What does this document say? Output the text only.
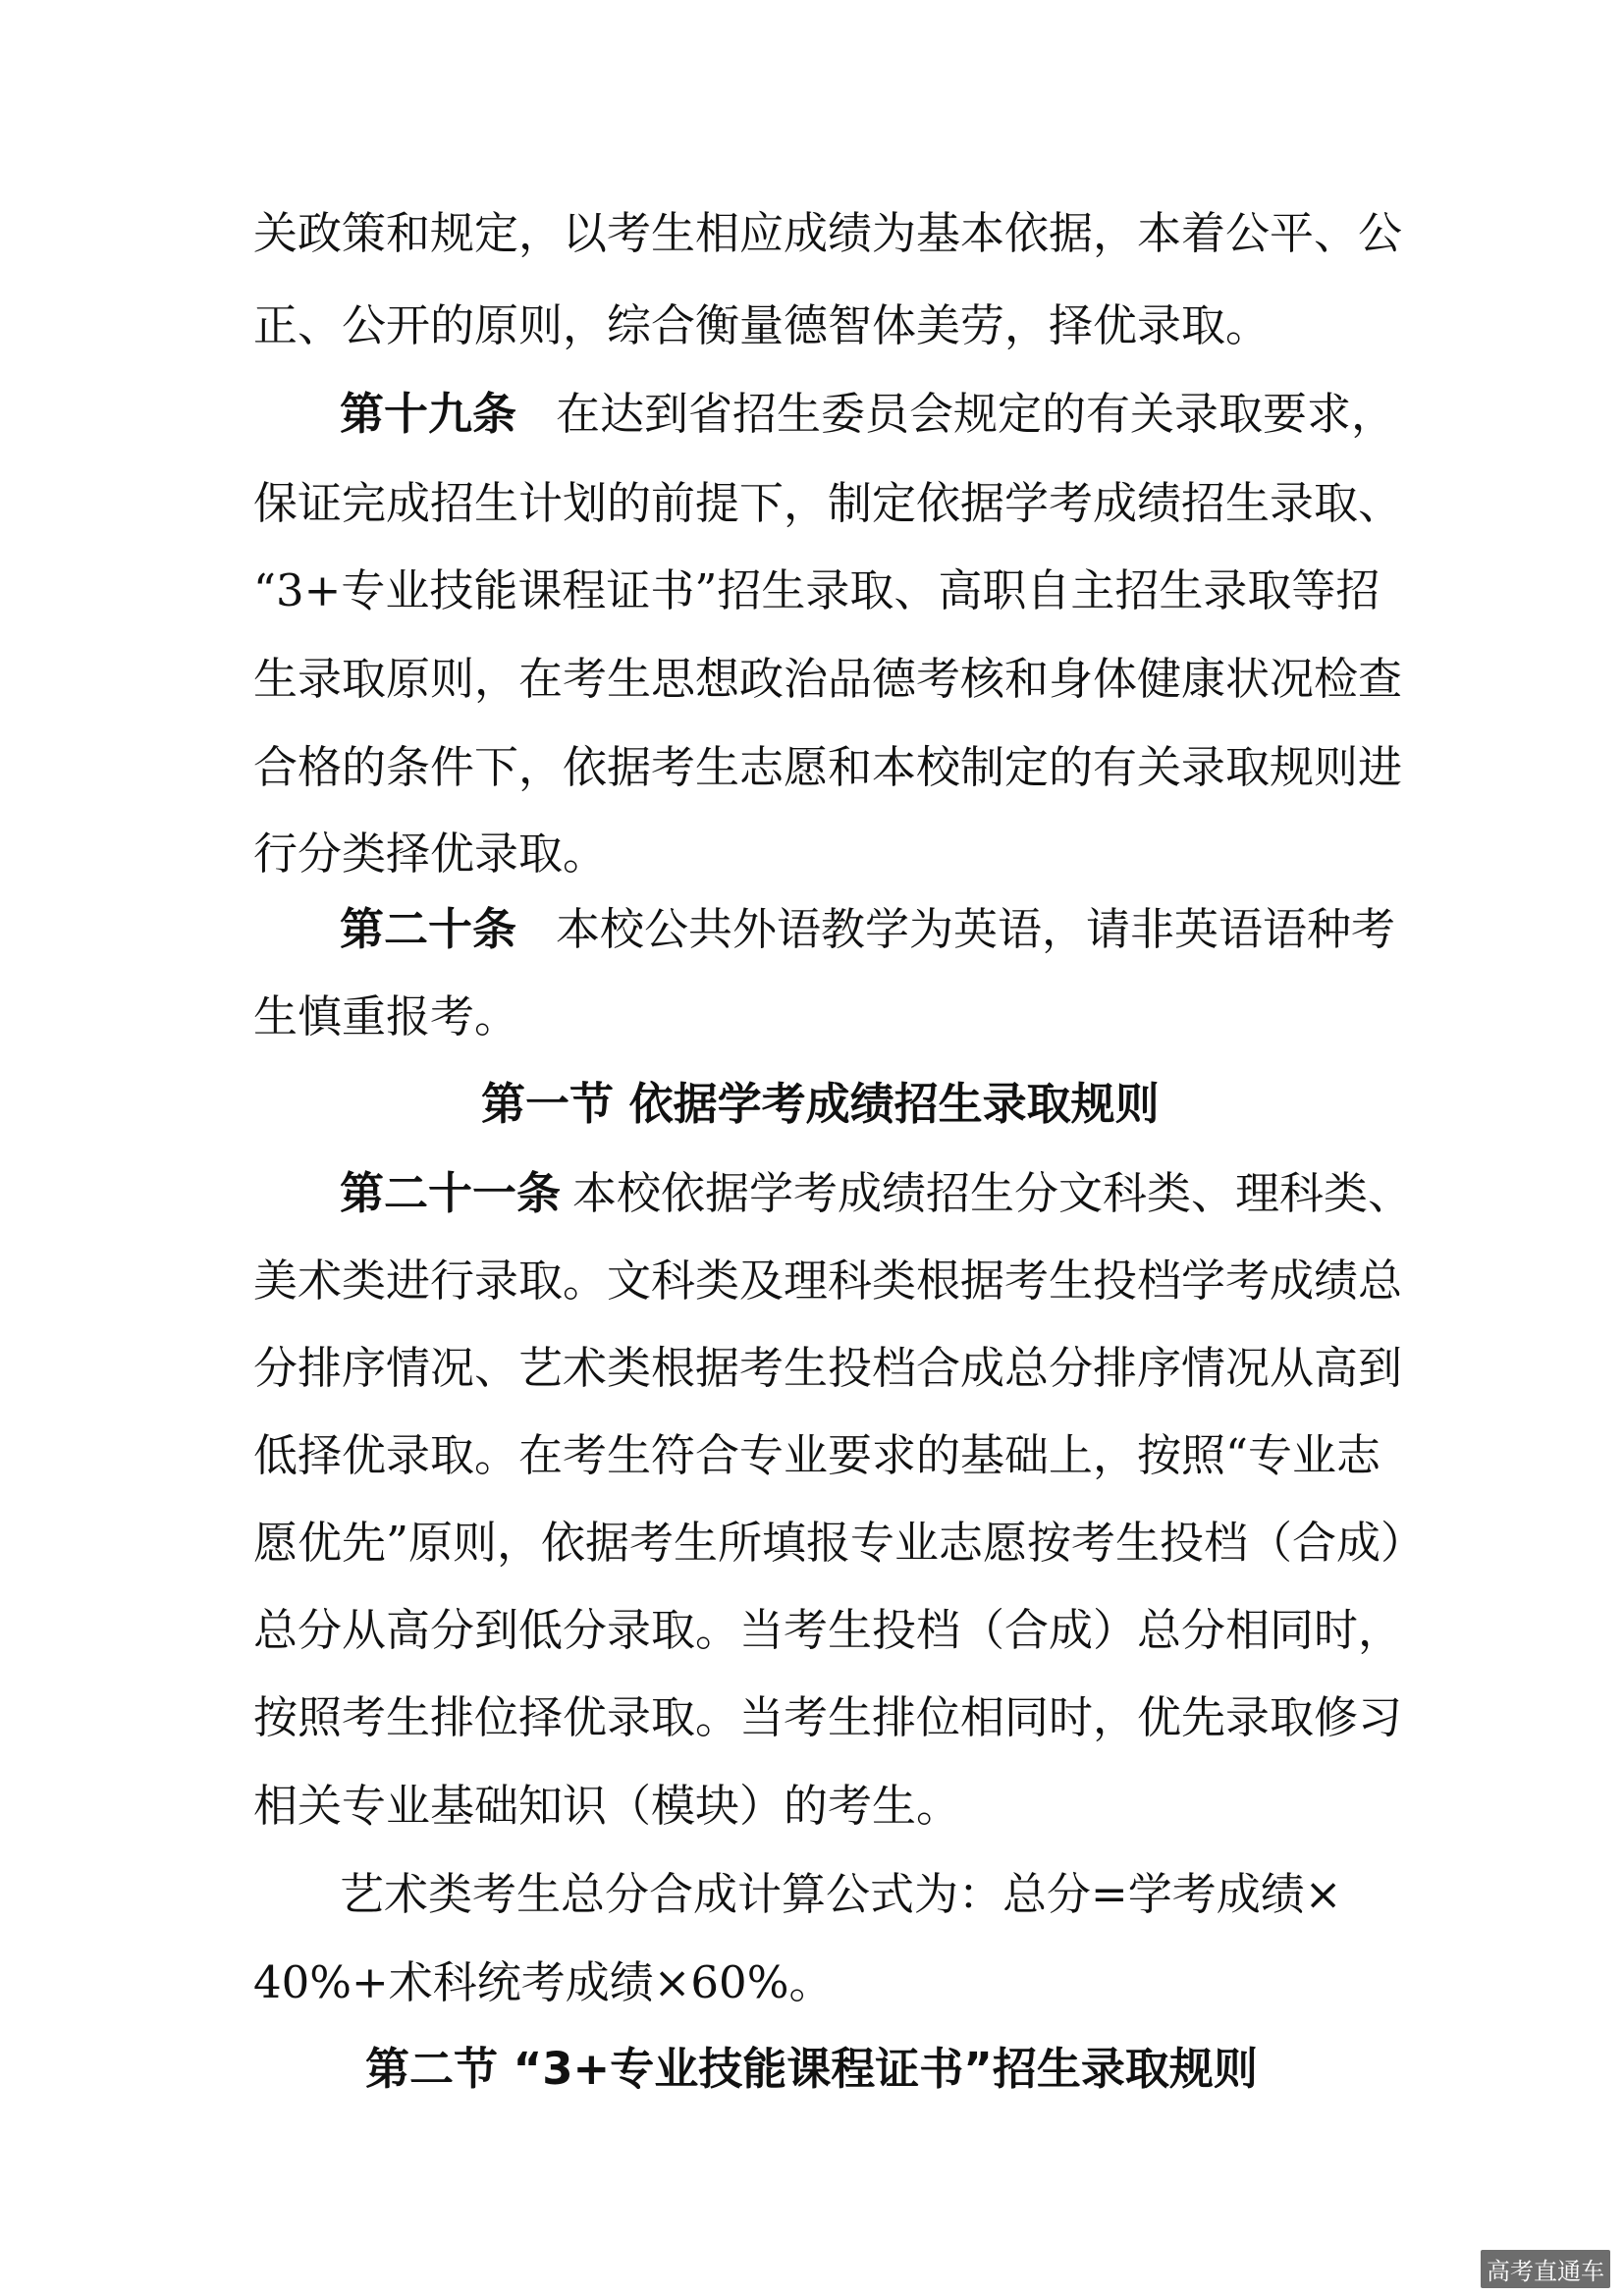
关政策和规定，以考生相应成绩为基本依据，本着公平、公
正、公开的原则，综合衡量德智体美劳，择优录取。
第十九条 在达到省招生委员会规定的有关录取要求，
保证完成招生计划的前提下，制定依据学考成绩招生录取、
“3+专业技能课程证书”招生录取、高职自主招生录取等招
生录取原则，在考生思想政治品德考核和身体健康状况检查
合格的条件下，依据考生志愿和本校制定的有关录取规则进
行分类择优录取。
第二十条 本校公共外语教学为英语，请非英语语种考
生慎重报考。
第一节 依据学考成绩招生录取规则
第二十一条 本校依据学考成绩招生分文科类、理科类、
美术类进行录取。文科类及理科类根据考生投档学考成绩总
分排序情况、艺术类根据考生投档合成总分排序情况从高到
低择优录取。在考生符合专业要求的基础上，按照“专业志
愿优先”原则，依据考生所填报专业志愿按考生投档（合成）
总分从高分到低分录取。当考生投档（合成）总分相同时，
按照考生排位择优录取。当考生排位相同时，优先录取修习
相关专业基础知识（模块）的考生。
艺术类考生总分合成计算公式为：总分=学考成绩×
40%+术科统考成绩×60%。
第二节 “3+专业技能课程证书”招生录取规则
高考直通车
